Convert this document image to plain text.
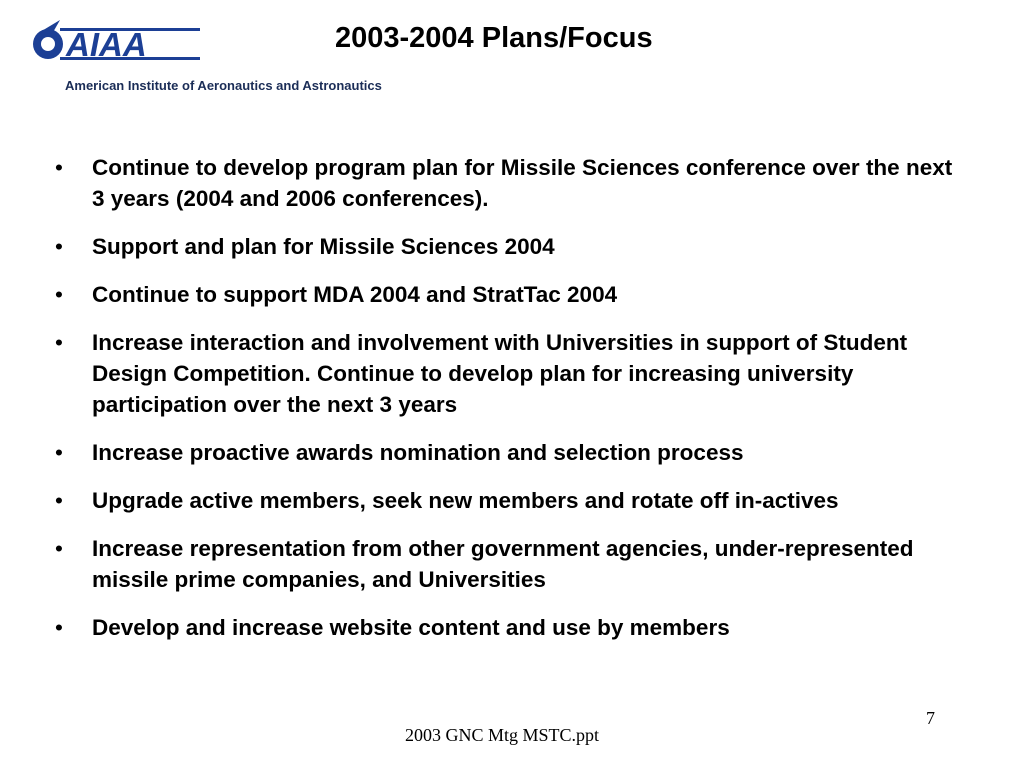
AIAA
American Institute of Aeronautics and Astronautics
2003-2004 Plans/Focus
• Continue to develop program plan for Missile Sciences conference over the next 3 years (2004 and 2006 conferences).
• Support and plan for Missile Sciences 2004
• Continue to support MDA 2004 and StratTac 2004
• Increase interaction and involvement with Universities in support of Student Design Competition. Continue to develop plan for increasing university participation over the next 3 years
• Increase proactive awards nomination and selection process
• Upgrade active members, seek new members and rotate off in-actives
• Increase representation from other government agencies, under-represented missile prime companies, and Universities
• Develop and increase website content and use by members
7
2003 GNC Mtg MSTC.ppt
